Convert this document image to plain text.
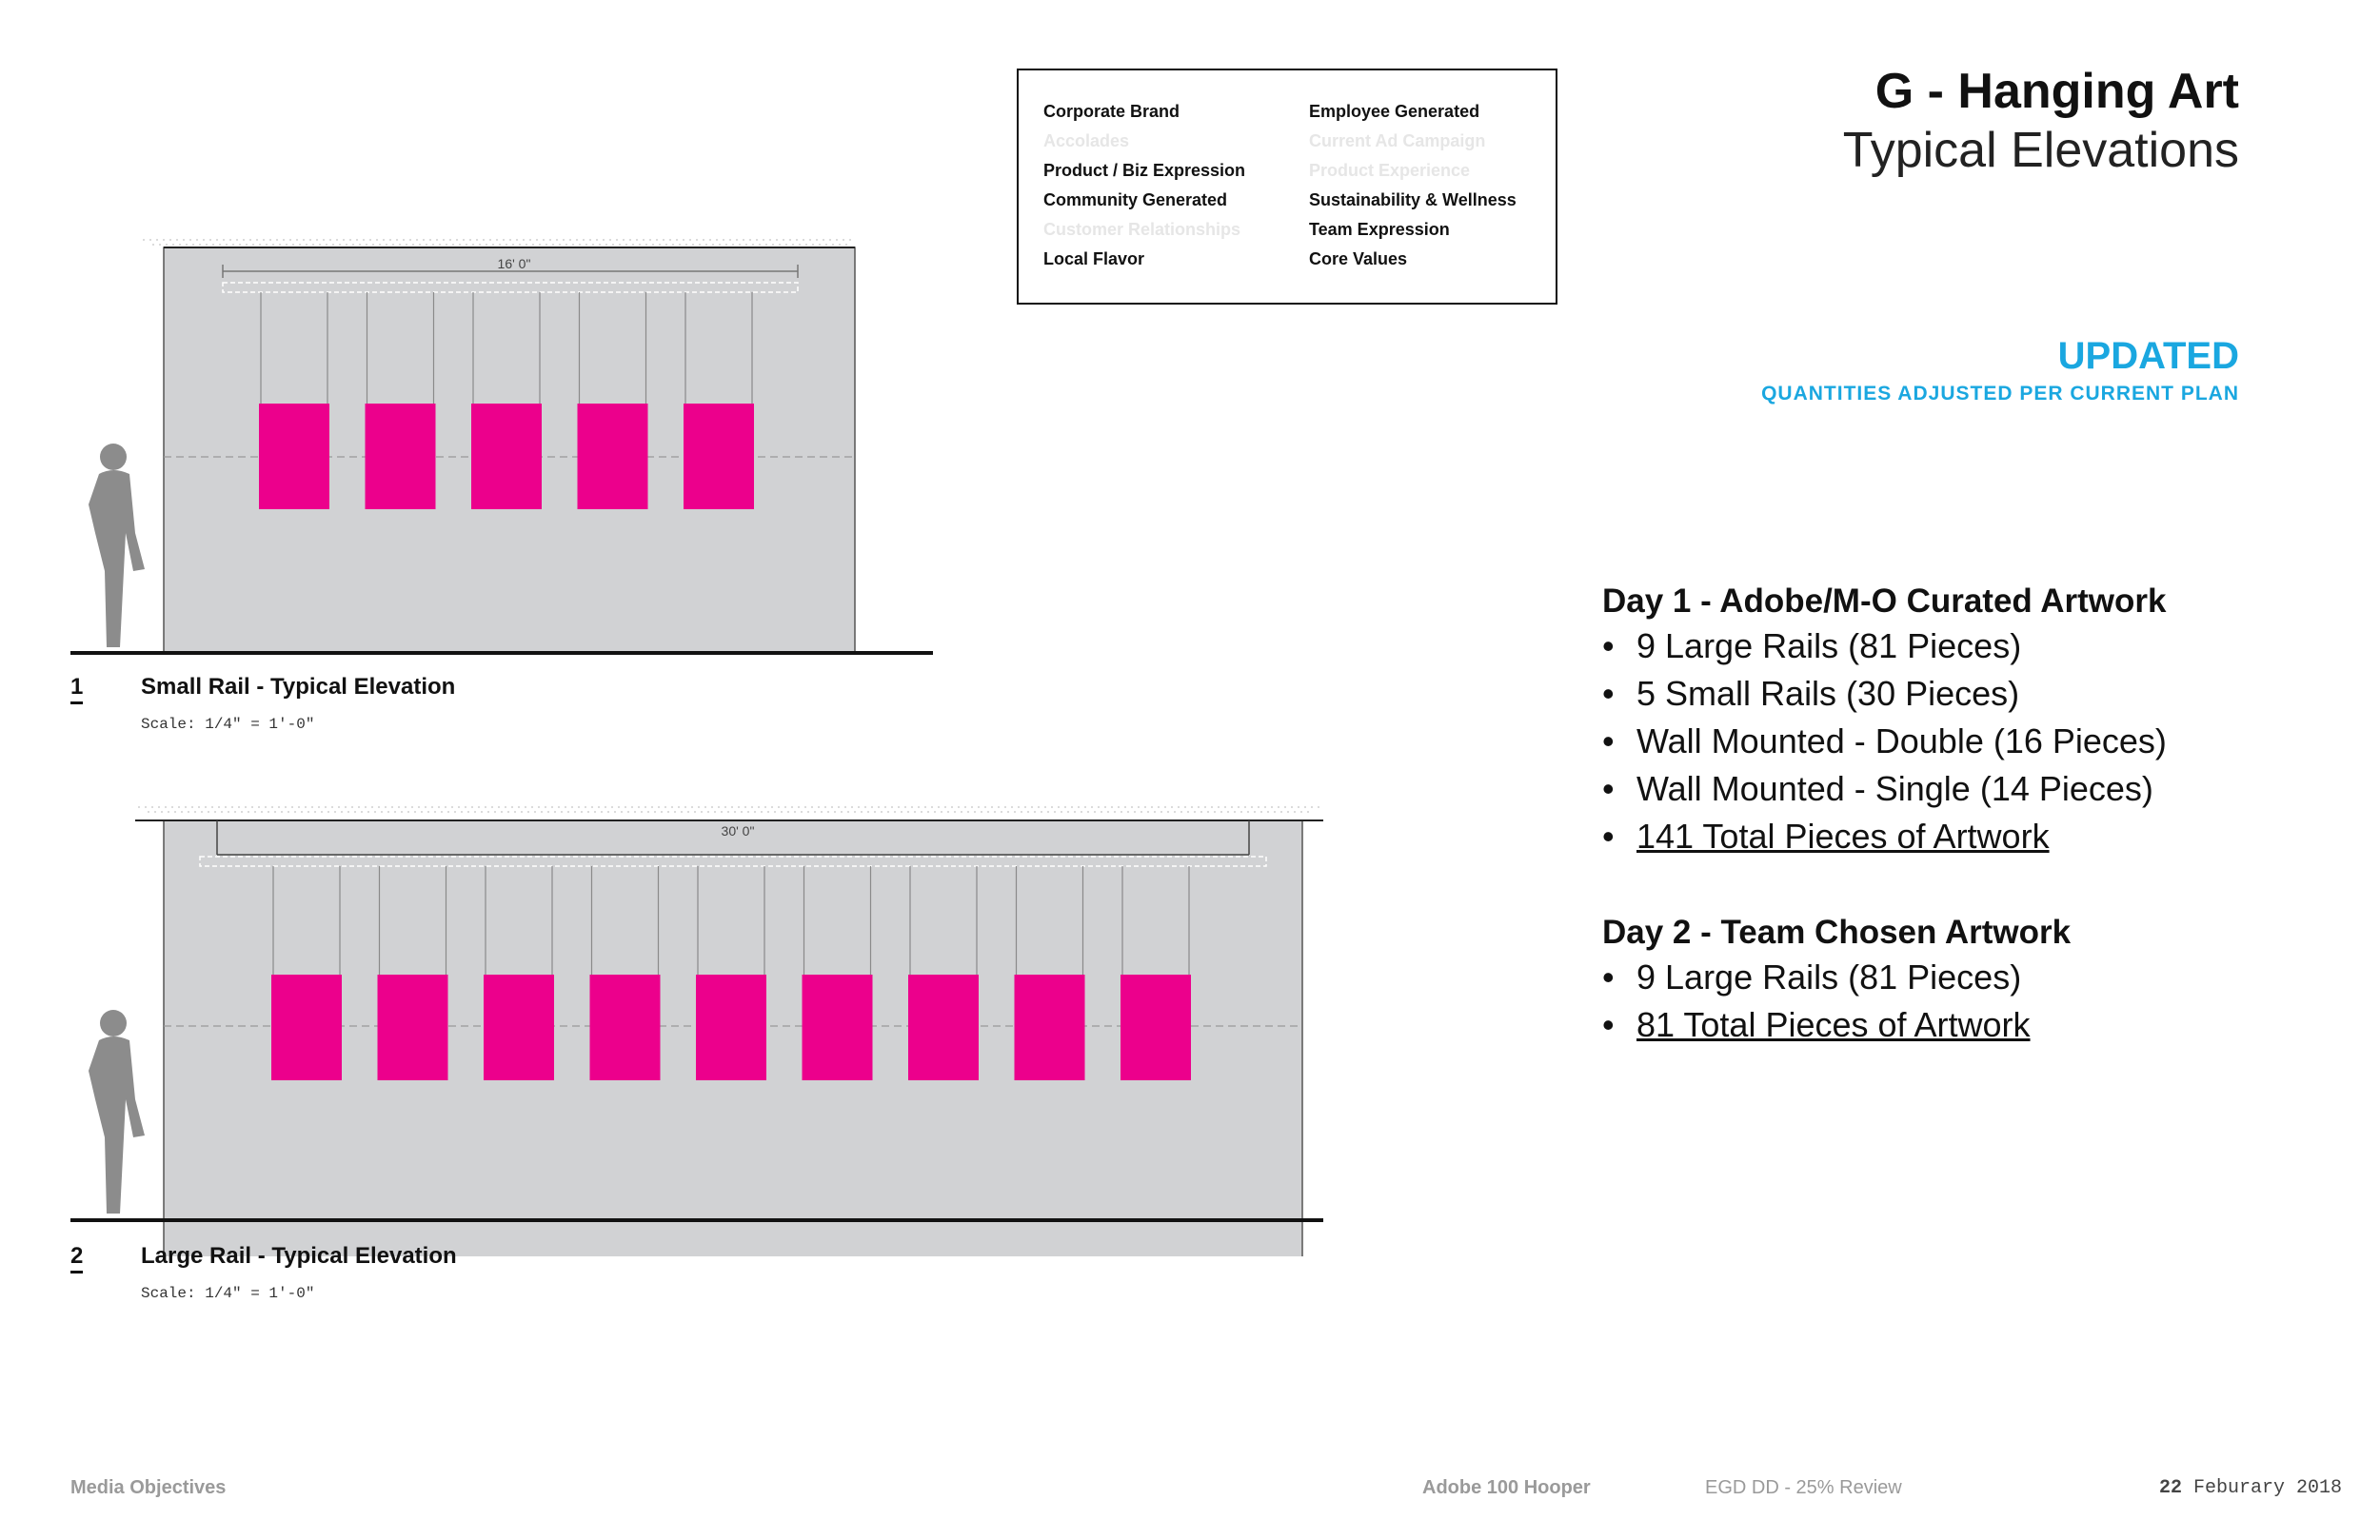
Corporate Brand
Accolades
Product / Biz Expression
Community Generated
Customer Relationships
Local Flavor
Employee Generated
Current Ad Campaign
Product Experience
Sustainability & Wellness
Team Expression
Core Values
G - Hanging Art
Typical Elevations
UPDATED
QUANTITIES ADJUSTED PER CURRENT PLAN
Day 1 - Adobe/M-O Curated Artwork
• 9 Large Rails (81 Pieces)
• 5 Small Rails (30 Pieces)
• Wall Mounted - Double (16 Pieces)
• Wall Mounted - Single (14 Pieces)
• 141 Total Pieces of Artwork
Day 2 - Team Chosen Artwork
• 9 Large Rails (81 Pieces)
• 81 Total Pieces of Artwork
16' 0"
30' 0"
1	Small Rail - Typical Elevation
Scale: 1/4" = 1'-0"
2	Large Rail - Typical Elevation
Scale: 1/4" = 1'-0"
Media Objectives	Adobe 100 Hooper	EGD DD - 25% Review	22 Feburary 2018
